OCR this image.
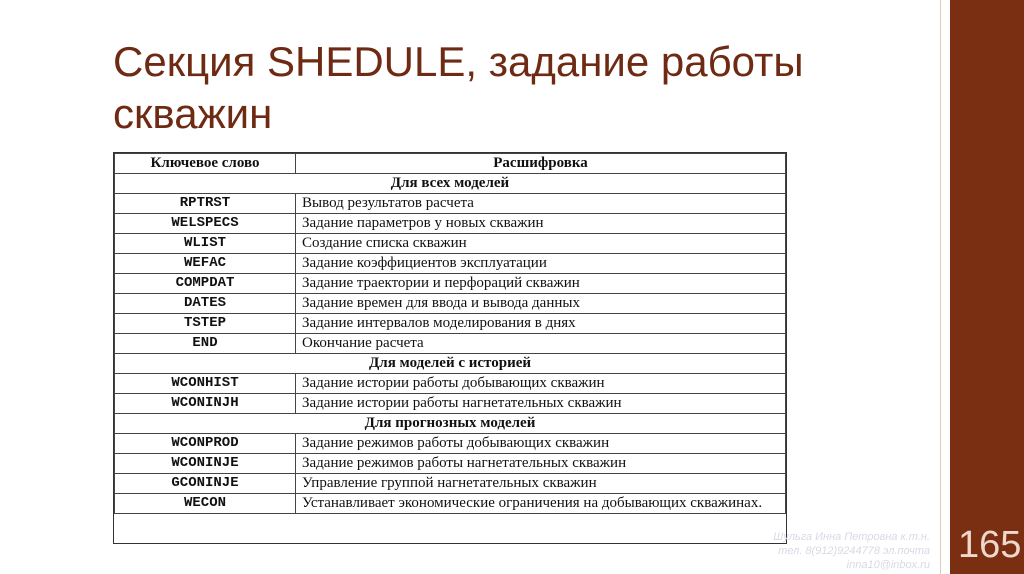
Секция SHEDULE, задание работы скважин
Ключевое слово	Расшифровка
Для всех моделей	
RPTRST	Вывод результатов расчета
WELSPECS	Задание параметров у новых скважин
WLIST	Создание списка скважин
WEFAC	Задание коэффициентов эксплуатации
COMPDAT	Задание траектории и перфораций скважин
DATES	Задание времен для ввода и вывода данных
TSTEP	Задание интервалов моделирования в днях
END	Окончание расчета
Для моделей с историей	
WCONHIST	Задание истории работы добывающих скважин
WCONINJH	Задание истории работы нагнетательных скважин
Для прогнозных моделей	
WCONPROD	Задание режимов работы добывающих скважин
WCONINJE	Задание режимов работы нагнетательных скважин
GCONINJE	Управление группой нагнетательных скважин
WECON	Устанавливает экономические ограничения на добывающих скважинах.
Шульга Инна Петровна к.т.н.
тел. 8(912)9244778 эл.почта
inna10@inbox.ru 165
